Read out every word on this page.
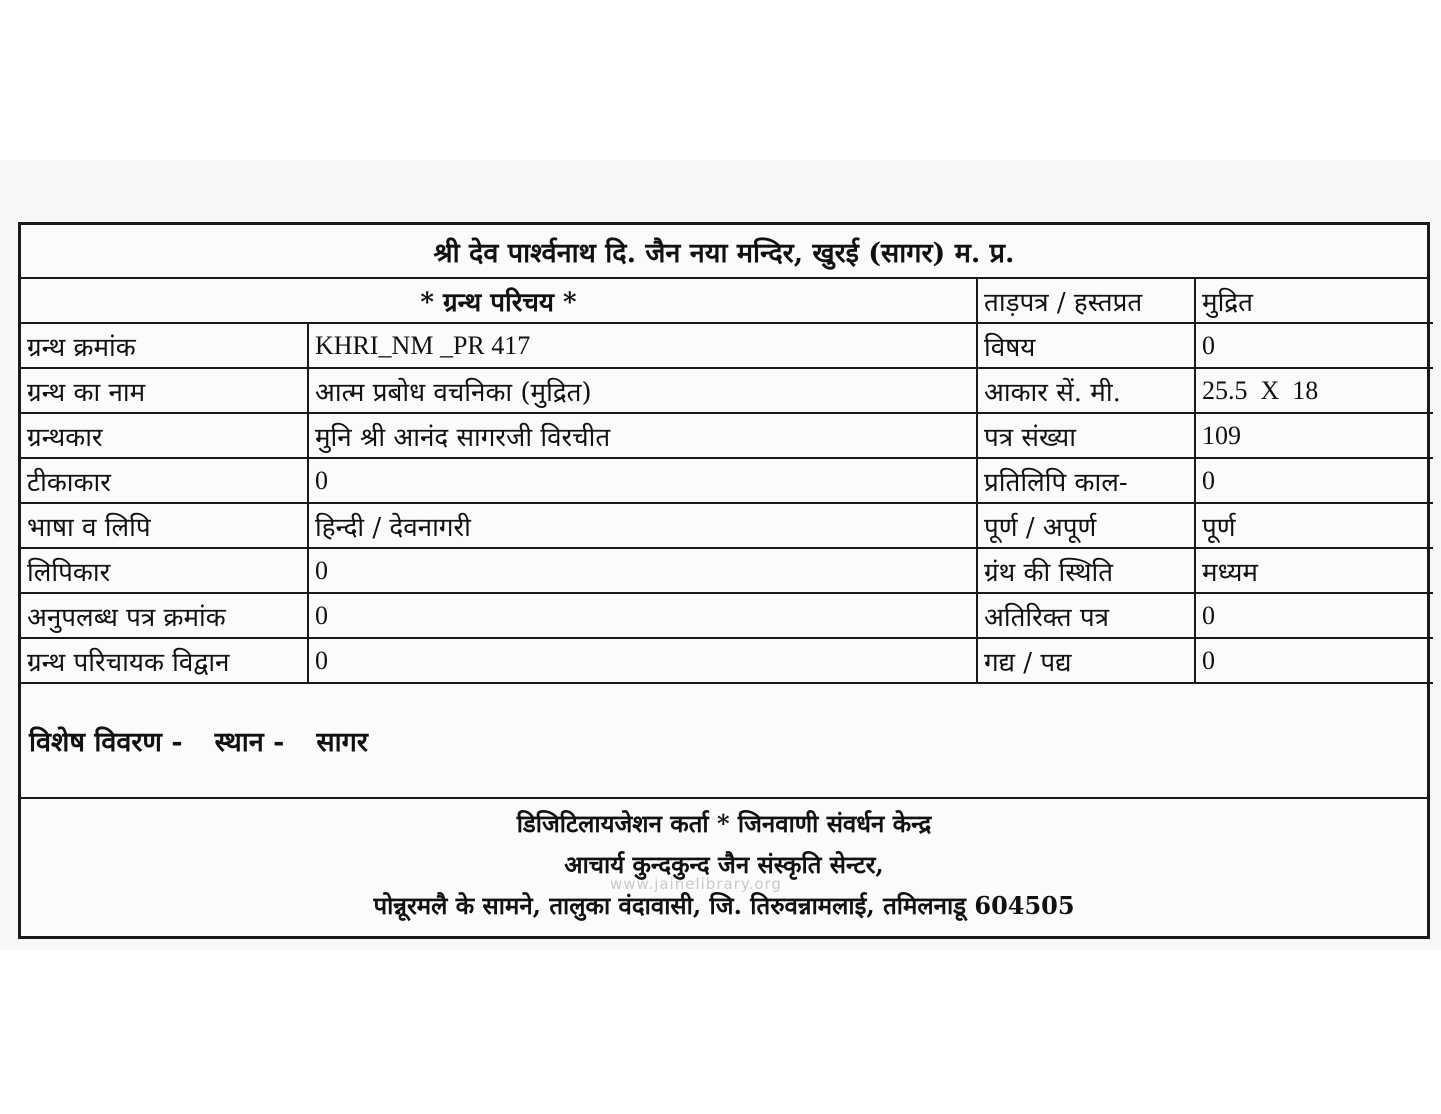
श्री देव पार्श्वनाथ दि. जैन नया मन्दिर, खुरई (सागर) म. प्र.
* ग्रन्थ परिचय *		ताड़पत्र / हस्तप्रत	मुद्रित
ग्रन्थ क्रमांक	KHRI_NM _PR 417	विषय	0
ग्रन्थ का नाम	आत्म प्रबोध वचनिका (मुद्रित)	आकार सें. मी.	25.5  X  18
ग्रन्थकार	मुनि श्री आनंद सागरजी विरचीत	पत्र संख्या	109
टीकाकार	0	प्रतिलिपि काल-	0
भाषा व लिपि	हिन्दी / देवनागरी	पूर्ण / अपूर्ण	पूर्ण
लिपिकार	0	ग्रंथ की स्थिति	मध्यम
अनुपलब्ध पत्र क्रमांक	0	अतिरिक्त पत्र	0
ग्रन्थ परिचायक विद्वान	0	गद्य / पद्य	0
विशेष विवरण - स्थान - सागर
डिजिटिलायजेशन कर्ता * जिनवाणी संवर्धन केन्द्र
आचार्य कुन्दकुन्द जैन संस्कृति सेन्टर,
पोन्नूरमलै के सामने, तालुका वंदावासी, जि. तिरुवन्नामलाई, तमिलनाडू 604505
www.jainelibrary.org
